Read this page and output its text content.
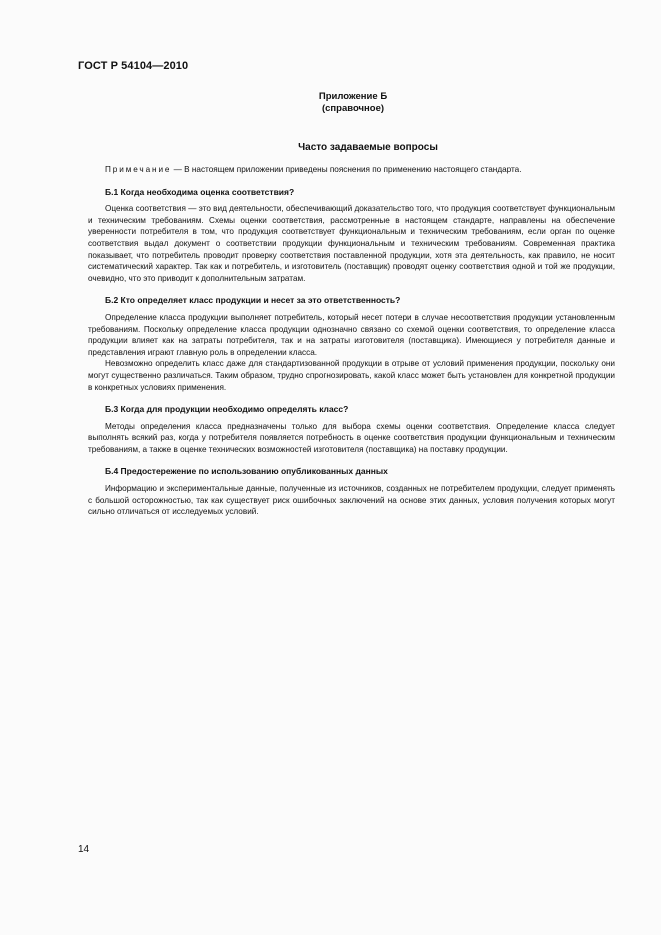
ГОСТ Р 54104—2010
Приложение Б
(справочное)
Часто задаваемые вопросы

Примечание — В настоящем приложении приведены пояснения по применению настоящего стандарта.

Б.1 Когда необходима оценка соответствия?

Оценка соответствия — это вид деятельности, обеспечивающий доказательство того, что продукция соответствует функциональным и техническим требованиям. Схемы оценки соответствия, рассмотренные в настоящем стандарте, направлены на обеспечение уверенности потребителя в том, что продукция соответствует функциональным и техническим требованиям, если орган по оценке соответствия выдал документ о соответствии продукции функциональным и техническим требованиям. Современная практика показывает, что потребитель проводит проверку соответствия поставленной продукции, хотя эта деятельность, как правило, не носит систематический характер. Так как и потребитель, и изготовитель (поставщик) проводят оценку соответствия одной и той же продукции, очевидно, что это приводит к дополнительным затратам.

Б.2 Кто определяет класс продукции и несет за это ответственность?

Определение класса продукции выполняет потребитель, который несет потери в случае несоответствия продукции установленным требованиям. Поскольку определение класса продукции однозначно связано со схемой оценки соответствия, то определение класса продукции влияет как на затраты потребителя, так и на затраты изготовителя (поставщика). Имеющиеся у потребителя данные и представления играют главную роль в определении класса.

Невозможно определить класс даже для стандартизованной продукции в отрыве от условий применения продукции, поскольку они могут существенно различаться. Таким образом, трудно спрогнозировать, какой класс может быть установлен для конкретной продукции в конкретных условиях применения.

Б.3 Когда для продукции необходимо определять класс?

Методы определения класса предназначены только для выбора схемы оценки соответствия. Определение класса следует выполнять всякий раз, когда у потребителя появляется потребность в оценке соответствия продукции функциональным и техническим требованиям, а также в оценке технических возможностей изготовителя (поставщика) на поставку продукции.

Б.4 Предостережение по использованию опубликованных данных

Информацию и экспериментальные данные, полученные из источников, созданных не потребителем продукции, следует применять с большой осторожностью, так как существует риск ошибочных заключений на основе этих данных, условия получения которых могут сильно отличаться от исследуемых условий.

14
